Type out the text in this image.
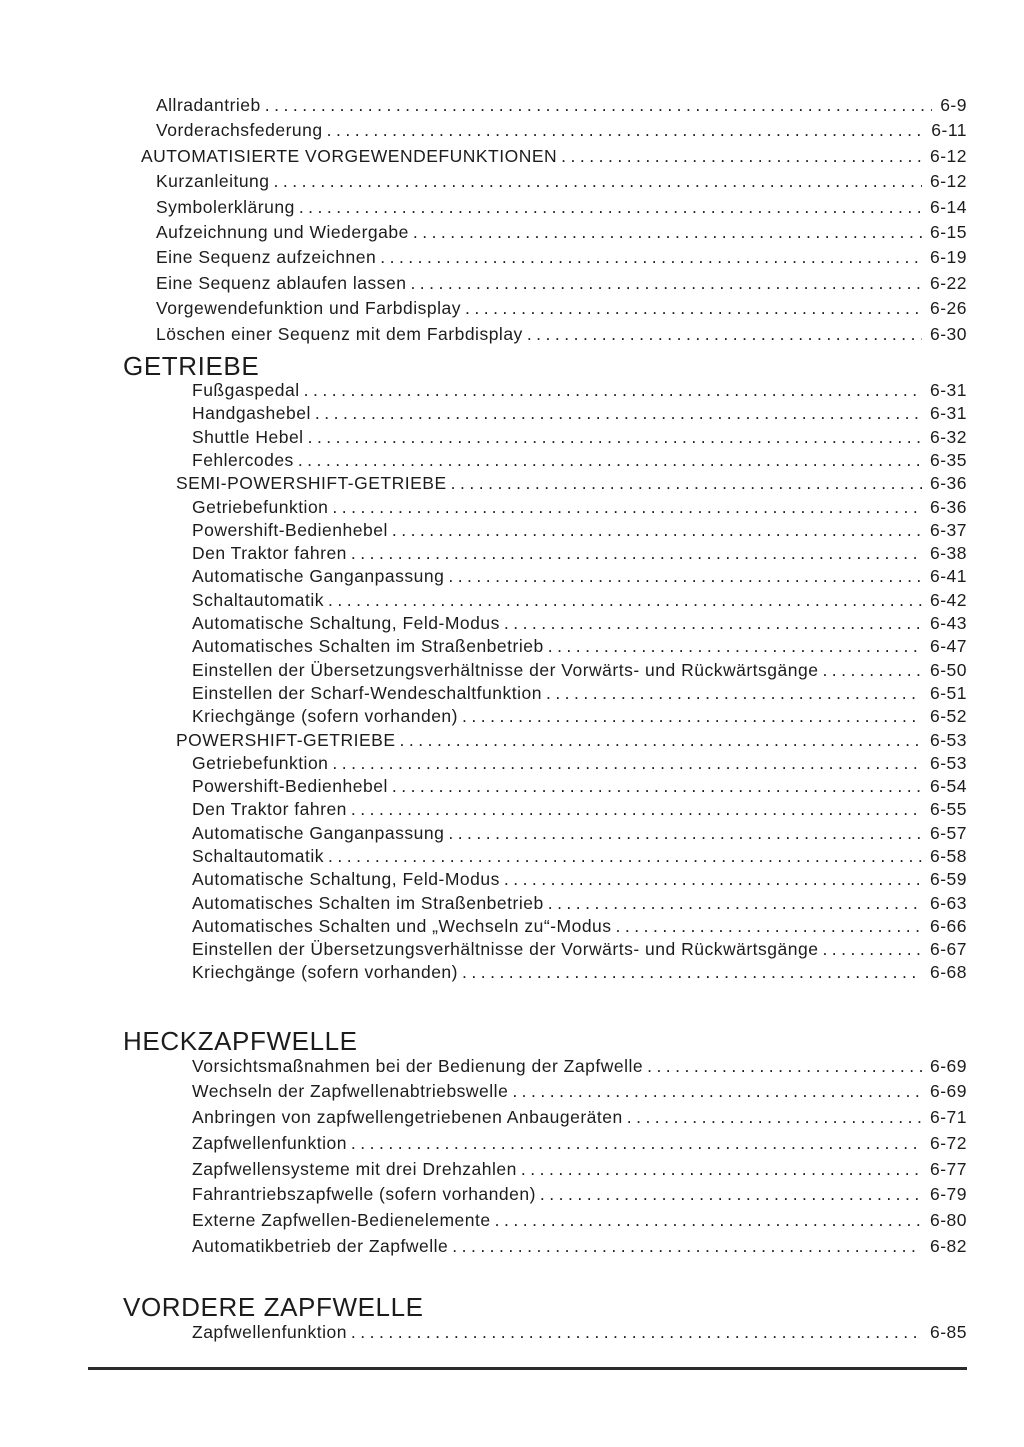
Allradantrieb .....	6-9
Vorderachsfederung .....	6-11
AUTOMATISIERTE VORGEWENDEFUNKTIONEN .....	6-12
Kurzanleitung .....	6-12
Symbolerklärung .....	6-14
Aufzeichnung und Wiedergabe .....	6-15
Eine Sequenz aufzeichnen .....	6-19
Eine Sequenz ablaufen lassen .....	6-22
Vorgewendefunktion und Farbdisplay .....	6-26
Löschen einer Sequenz mit dem Farbdisplay .....	6-30
GETRIEBE
Fußgaspedal .....	6-31
Handgashebel .....	6-31
Shuttle Hebel .....	6-32
Fehlercodes .....	6-35
SEMI-POWERSHIFT-GETRIEBE .....	6-36
Getriebefunktion .....	6-36
Powershift-Bedienhebel .....	6-37
Den Traktor fahren .....	6-38
Automatische Ganganpassung .....	6-41
Schaltautomatik .....	6-42
Automatische Schaltung, Feld-Modus .....	6-43
Automatisches Schalten im Straßenbetrieb .....	6-47
Einstellen der Übersetzungsverhältnisse der Vorwärts- und Rückwärtsgänge .....	6-50
Einstellen der Scharf-Wendeschaltfunktion .....	6-51
Kriechgänge (sofern vorhanden) .....	6-52
POWERSHIFT-GETRIEBE .....	6-53
Getriebefunktion .....	6-53
Powershift-Bedienhebel .....	6-54
Den Traktor fahren .....	6-55
Automatische Ganganpassung .....	6-57
Schaltautomatik .....	6-58
Automatische Schaltung, Feld-Modus .....	6-59
Automatisches Schalten im Straßenbetrieb .....	6-63
Automatisches Schalten und „Wechseln zu“-Modus .....	6-66
Einstellen der Übersetzungsverhältnisse der Vorwärts- und Rückwärtsgänge .....	6-67
Kriechgänge (sofern vorhanden) .....	6-68
HECKZAPFWELLE
Vorsichtsmaßnahmen bei der Bedienung der Zapfwelle .....	6-69
Wechseln der Zapfwellenabtriebswelle .....	6-69
Anbringen von zapfwellengetriebenen Anbaugeräten .....	6-71
Zapfwellenfunktion .....	6-72
Zapfwellensysteme mit drei Drehzahlen .....	6-77
Fahrantriebszapfwelle (sofern vorhanden) .....	6-79
Externe Zapfwellen-Bedienelemente .....	6-80
Automatikbetrieb der Zapfwelle .....	6-82
VORDERE ZAPFWELLE
Zapfwellenfunktion .....	6-85
